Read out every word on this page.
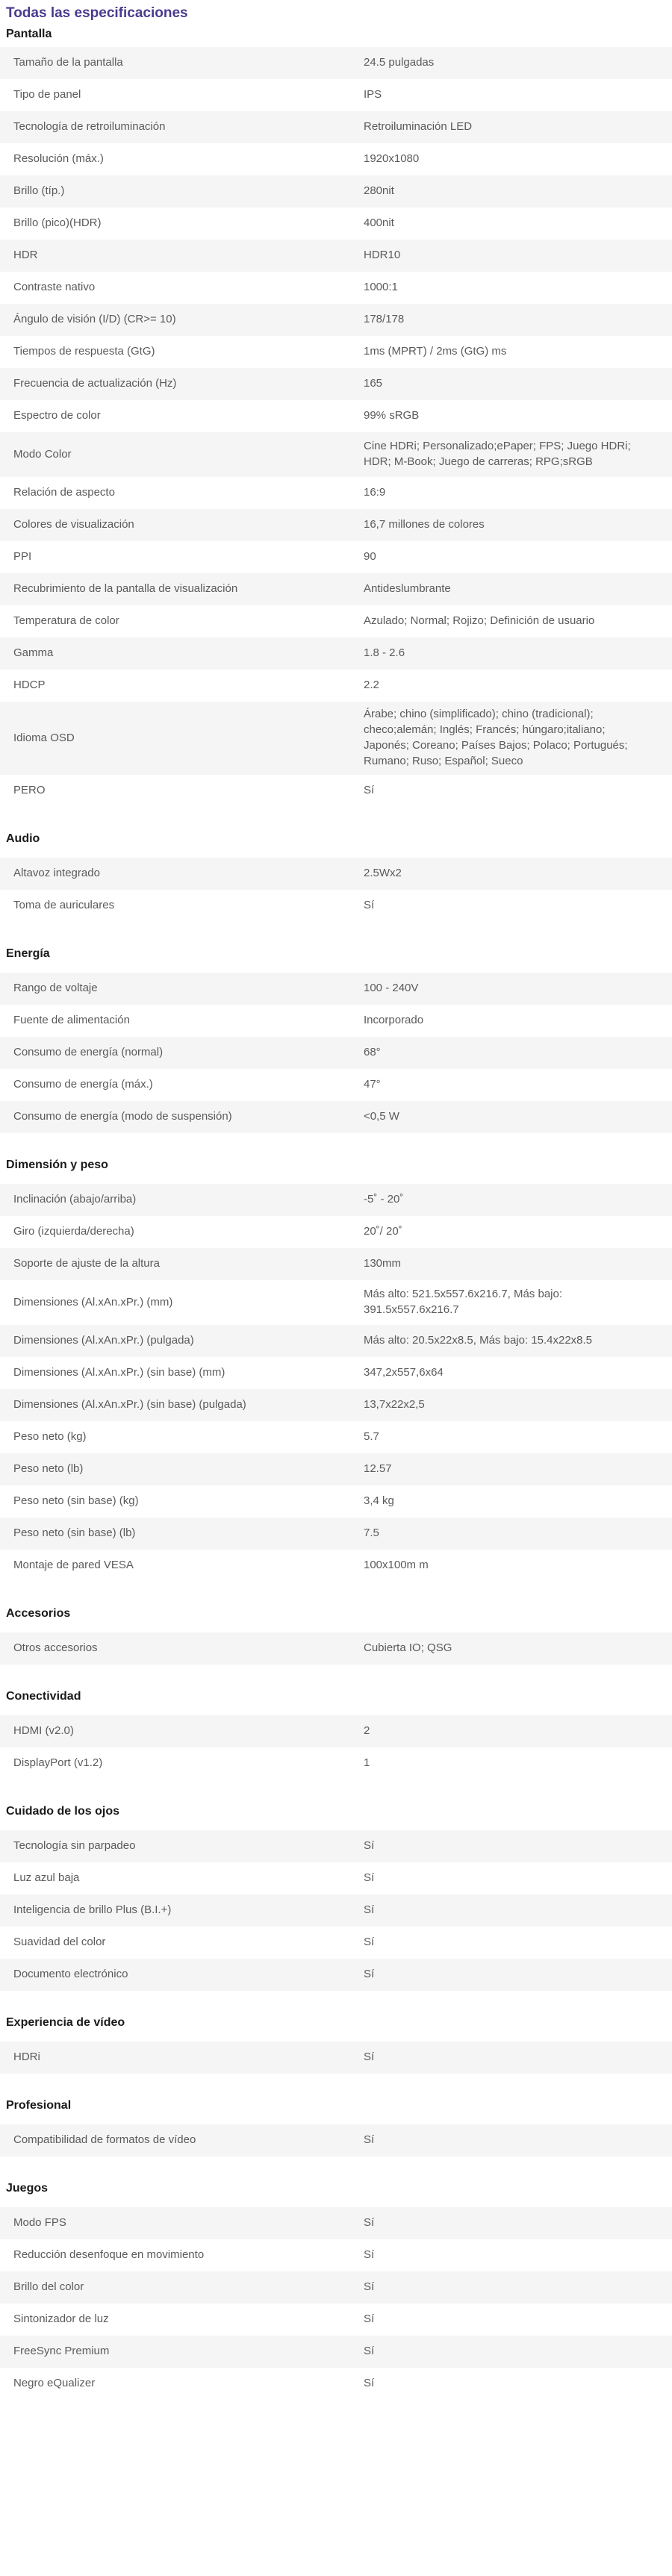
Todas las especificaciones
Pantalla
Tamaño de la pantalla	24.5 pulgadas
Tipo de panel	IPS
Tecnología de retroiluminación	Retroiluminación LED
Resolución (máx.)	1920x1080
Brillo (típ.)	280nit
Brillo (pico)(HDR)	400nit
HDR	HDR10
Contraste nativo	1000:1
Ángulo de visión (I/D) (CR>= 10)	178/178
Tiempos de respuesta (GtG)	1ms (MPRT) / 2ms (GtG) ms
Frecuencia de actualización (Hz)	165
Espectro de color	99% sRGB
Modo Color	Cine HDRi; Personalizado;ePaper; FPS; Juego HDRi; HDR; M-Book; Juego de carreras; RPG;sRGB
Relación de aspecto	16:9
Colores de visualización	16,7 millones de colores
PPI	90
Recubrimiento de la pantalla de visualización	Antideslumbrante
Temperatura de color	Azulado; Normal; Rojizo; Definición de usuario
Gamma	1.8 - 2.6
HDCP	2.2
Idioma OSD	Árabe; chino (simplificado); chino (tradicional); checo;alemán; Inglés; Francés; húngaro;italiano; Japonés; Coreano; Países Bajos; Polaco; Portugués; Rumano; Ruso; Español; Sueco
PERO	Sí
Audio
Altavoz integrado	2.5Wx2
Toma de auriculares	Sí
Energía
Rango de voltaje	100 - 240V
Fuente de alimentación	Incorporado
Consumo de energía (normal)	68°
Consumo de energía (máx.)	47°
Consumo de energía (modo de suspensión)	<0,5 W
Dimensión y peso
Inclinación (abajo/arriba)	-5˚ - 20˚
Giro (izquierda/derecha)	20˚/ 20˚
Soporte de ajuste de la altura	130mm
Dimensiones (Al.xAn.xPr.) (mm)	Más alto: 521.5x557.6x216.7, Más bajo: 391.5x557.6x216.7
Dimensiones (Al.xAn.xPr.) (pulgada)	Más alto: 20.5x22x8.5, Más bajo: 15.4x22x8.5
Dimensiones (Al.xAn.xPr.) (sin base) (mm)	347,2x557,6x64
Dimensiones (Al.xAn.xPr.) (sin base) (pulgada)	13,7x22x2,5
Peso neto (kg)	5.7
Peso neto (lb)	12.57
Peso neto (sin base) (kg)	3,4 kg
Peso neto (sin base) (lb)	7.5
Montaje de pared VESA	100x100m m
Accesorios
Otros accesorios	Cubierta IO; QSG
Conectividad
HDMI (v2.0)	2
DisplayPort (v1.2)	1
Cuidado de los ojos
Tecnología sin parpadeo	Sí
Luz azul baja	Sí
Inteligencia de brillo Plus (B.I.+)	Sí
Suavidad del color	Sí
Documento electrónico	Sí
Experiencia de vídeo
HDRi	Sí
Profesional
Compatibilidad de formatos de vídeo	Sí
Juegos
Modo FPS	Sí
Reducción desenfoque en movimiento	Sí
Brillo del color	Sí
Sintonizador de luz	Sí
FreeSync Premium	Sí
Negro eQualizer	Sí
